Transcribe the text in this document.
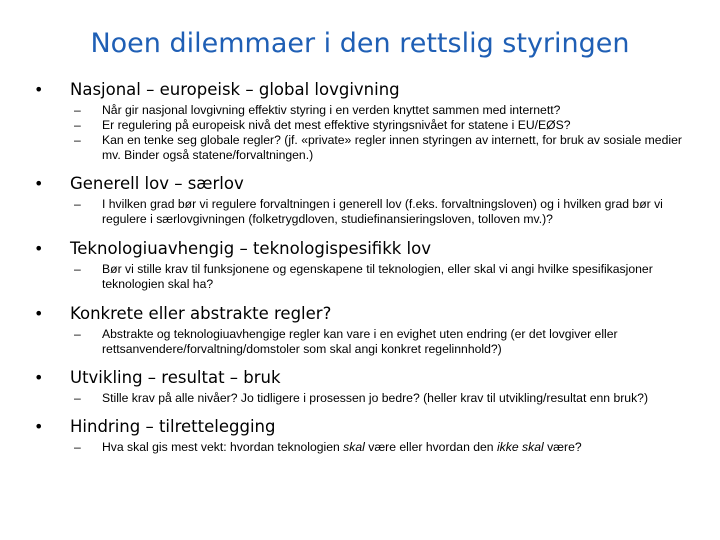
Noen dilemmaer i den rettslig styringen
•	Nasjonal – europeisk – global lovgivning
–	Når gir nasjonal lovgivning effektiv styring i en verden knyttet sammen med internett?
–	Er regulering på europeisk nivå det mest effektive styringsnivået for statene i EU/EØS?
–	Kan en tenke seg globale regler? (jf. «private» regler innen styringen av internett, for bruk av sosiale medier mv. Binder også statene/forvaltningen.)
•	Generell lov – særlov
–	I hvilken grad bør vi regulere forvaltningen i generell lov (f.eks. forvaltningsloven) og i hvilken grad bør vi regulere i særlovgivningen (folketrygdloven, studiefinansieringsloven, tolloven mv.)?
•	Teknologiuavhengig – teknologispesifikk lov
–	Bør vi stille krav til funksjonene og egenskapene til teknologien, eller skal vi angi hvilke spesifikasjoner teknologien skal ha?
•	Konkrete eller abstrakte regler?
–	Abstrakte og teknologiuavhengige regler kan vare i en evighet uten endring (er det lovgiver eller rettsanvendere/forvaltning/domstoler som skal angi konkret regelinnhold?)
•	Utvikling – resultat – bruk
–	Stille krav på alle nivåer? Jo tidligere i prosessen jo bedre? (heller krav til utvikling/resultat enn bruk?)
•	Hindring – tilrettelegging
–	Hva skal gis mest vekt: hvordan teknologien skal være eller hvordan den ikke skal være?
